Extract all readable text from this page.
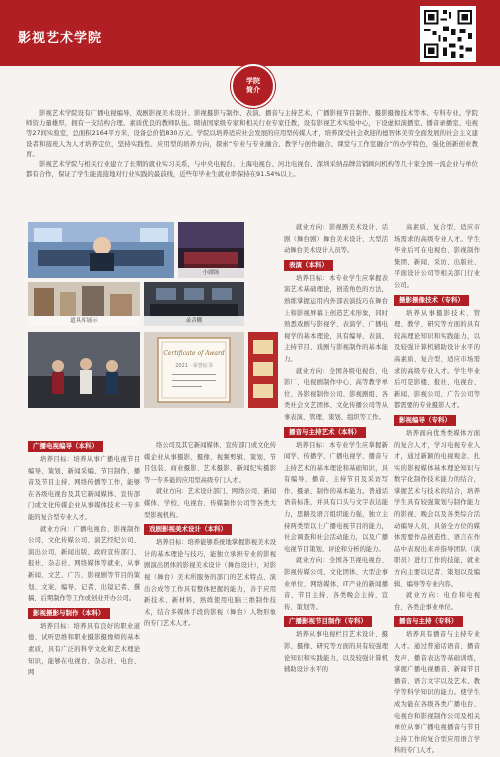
影视艺术学院
学院
简介

影视艺术学院设有广播电视编导、戏剧影视美术设计、影视摄影与制作、表演、播音与主持艺术、广播影视节目制作、摄影摄像技术等本、专科专业。学院师资力量雄厚，拥有一支结构合理、素质优良的教师队伍。聘请国家级专家和相关行业专家任教，设有影视艺术实验中心，下设虚拟演播室、播音录播室、电视等27间实验室，总面积2164平方米，设备总价值830万元。学院以培养适应社会发展的应用型传媒人才，培养深受社会欢迎的德智体美劳全面发展的社会主义建设者和接班人为人才培养定位，坚持实践性、应用型的培养方向，探索“专业与专业融合、教学与创作融合、课堂与工作室融合”的办学特色，强化创新创业教育。

影视艺术学院与相关行业建立了长期的就业实习关系，与中央电视台、上海电视台、河北电视台、深圳采纳品牌营销顾问机构等几十家全国一流企业与单位都有合作，保证了学生能直接地对行业实践的最前线，近些年毕业生就业率保持在91.54%以上。

小剧场
道具库展示	录音棚
Certificate of Award
2021 · 荣誉证书
广播电视编导（本科）

培养目标：培养从事广播电视节目编导、策划、新闻采编、节目制作、播音及节目主持、网络传播等工作，能够在各级电视台及其它新闻媒体、宣传部门或文化传媒企业从事媒体技术一专多能的复合型专业人才。

就业方向：广播电视台、影视制作公司、文化传媒公司、演艺经纪公司、演出公司、新闻出版、政府宣传部门、报社、杂志社、网络媒体等就业，从事新闻、文艺、广告、影视剧等节目的策划、文案、编导、记者、出镜记者、撰稿、后期制作等工作或创业开办公司。

影视摄影与制作（本科）

培养目标：培养具有良好的职业道德、试听思维和职业摄影摄像师的基本素质，具有广泛的科学文化和艺术理论知识，能够在电视台、杂志社、电台、网

络公司及其它新闻媒体、宣传部门或文化传媒企业从事摄影、摄像、视频剪辑、策划、节目包装、商业摄影、艺术摄影、新闻纪实摄影等一专多能的应用型高级专门人才。

就业方向：艺术设计部门、网络公司、新闻媒体、学校、电视台、传媒制作公司等各类大型影视机构。

戏剧影视美术设计（本科）

培养目标：培养能够系统地掌握影视美术设计的基本理论与技巧，能独立承担专业的影视剧演出团体的影视美术设计（舞台设计），对影视（舞台）美术所服务的部门的艺术特点、演出合成等工作具有整体把握的能力，善于应用新技术、新材料，熟练使用电脑三维制作技术，结合多媒体手段的影视（舞台）人物形象的专门艺术人才。

就业方向：影视剧美术设计、话剧（舞台剧）舞台美术设计、大型活动舞台美术设计人员等。

表演（本科）

培养目标：本专业学生应掌握表演艺术基础理论，创造角色的方法，熟练掌握运用内外部表演技巧在舞台上和影视屏幕上创造艺术形象，同时熟悉戏剧与影视学、表演学、广播电视学的基本理论，具有编导、表演、主持节目、戏剧与影视制作的基本能力。

就业方向：全国各级电视台、电影厂、电视剧制作中心、高等教学单位、各影视制作公司、影视剧组、各类社会文艺团体、文化传播公司等从事表演、管理、策划、组织等工作。

播音与主持艺术（本科）

培养目标：本专业学生应掌握新闻学、传播学、广播电视学、播音与主持艺术的基本理论和基础知识，具有编导、播音、主持节目及采访写作、摄录、制作的基本能力。普通话语音标准，并具有口头与文字表达能力，思路及语言组织能力强，独立主持两类型以上广播电视节目的能力，社会调查和社会活动能力，以及广播电视节目策划、评论和分析的能力。

就业方向：全国各卫视电视台、影视传媒公司、文化团体、大型企事业单位、网络媒体、IT产业的新闻播音、节目主持、各类晚会主持、宣传、策划等。

广播影视节目制作（专科）

培养从事电视栏目艺术设计、摄影、摄像、研究等方面的具有较强理论知识和实践能力，以及较强计算机辅助设计水平的

高素质、复合型、适应市场需求的高级专业人才。学生毕业后可在电视台、影视制作集团、新闻、采访、出版社、平面设计公司等相关部门行业公司。

摄影摄像技术（专科）

培养从事摄影技术、管理、教学、研究等方面的具有较高理论知识和实践能力，以及较强计算机辅助设计水平的高素质、复合型、适应市场需求的高级专业人才。学生毕业后可是影楼、报社、电视台、新闻、影视公司、广告公司等都需要的专业摄影人才。

影视编导（专科）

培养面向优秀类媒体方面的复合人才，学习电视专业人才，通过新颖的电视观念、扎实的影视媒体基本理论知识与数字化制作技术能力的结合，掌握艺术与技术的结合，培养学生具有较强策划与制作能力的影视、晚会以及各类综合活动编导人员，具备全方位的媒体需要作品创造性、语言在作品中表现出来并指导团队（演职员）进行工作的技能，就业方向主要以记者、策划以及编辑、编导等专业内容。

就业方向：电台和电视台、各类企事业单位。

播音与主持（专科）

培养具有播音与主持专业人才。通过普通话语音、播音发声、播音表达等基础训练，掌握广播电视播音、新闻节目播音、语言文字以及艺术、教学等科学知识的能力。使学生成为能在各级各类广播电台、电视台和影视制作公司及相关单位从事广播电视播音与节目主持工作的复合型应用语言学科的专门人才。
